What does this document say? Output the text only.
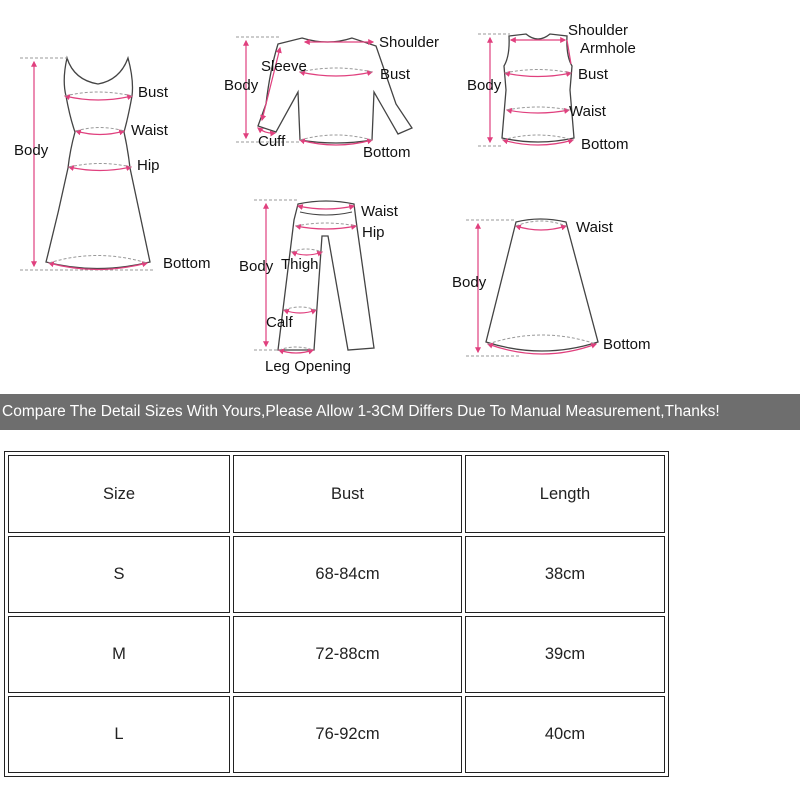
Bust
Waist
Hip
Body
Bottom
Shoulder
Sleeve	Bust
Body
Cuff
Bottom
Shoulder
Armhole
Bust
Body
Waist
Bottom
Waist
Hip
Body Thigh
Calf
Leg Opening
Waist
Body
Bottom
Compare The Detail Sizes With Yours,Please Allow 1-3CM Differs Due To Manual Measurement,Thanks!
Size	Bust	Length
S	68-84cm	38cm
M	72-88cm	39cm
L	76-92cm	40cm
